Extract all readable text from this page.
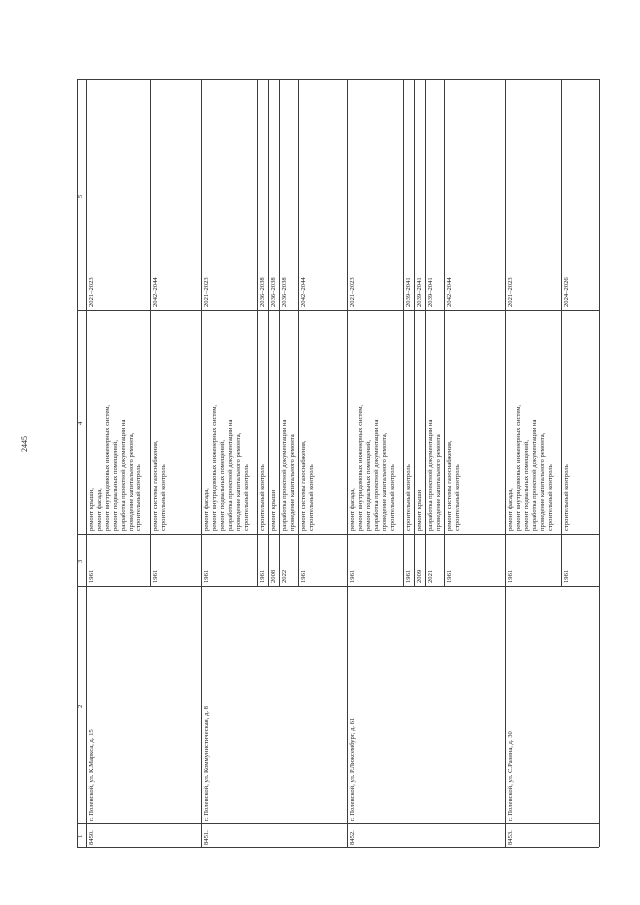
2445
1
2
3
4
5
8450.
г. Полевской, ул. К.Маркса, д. 15
1961
ремонт крыши, ремонт фасада, ремонт внутридомовых инженерных систем, ремонт подвальных помещений, разработка проектной документации на проведение капитального ремонта, строительный контроль
2021–2023
1961
ремонт системы газоснабжения, строительный контроль
2042–2044
8451.
г. Полевской, ул. Коммунистическая, д. 8
1961
ремонт фасада, ремонт внутридомовых инженерных систем, ремонт подвальных помещений, разработка проектной документации на проведение капитального ремонта, строительный контроль
2021–2023
1961
строительный контроль
2036–2038
2008
ремонт крыши
2036–2038
2022
разработка проектной документации на проведение капитального ремонта
2036–2038
1961
ремонт системы газоснабжения, строительный контроль
2042–2044
8452.
г. Полевской, ул. Р.Люксембург, д. 61
1961
ремонт фасада, ремонт внутридомовых инженерных систем, ремонт подвальных помещений, разработка проектной документации на проведение капитального ремонта, строительный контроль
2021–2023
1961
строительный контроль
2039–2041
2009
ремонт крыши
2039–2041
2021
разработка проектной документации на проведение капитального ремонта
2039–2041
1961
ремонт системы газоснабжения, строительный контроль
2042–2044
8453.
г. Полевской, ул. С.Разина, д. 30
1961
ремонт фасада, ремонт внутридомовых инженерных систем, ремонт подвальных помещений, разработка проектной документации на проведение капитального ремонта, строительный контроль
2021–2023
1961
строительный контроль
2024–2026
